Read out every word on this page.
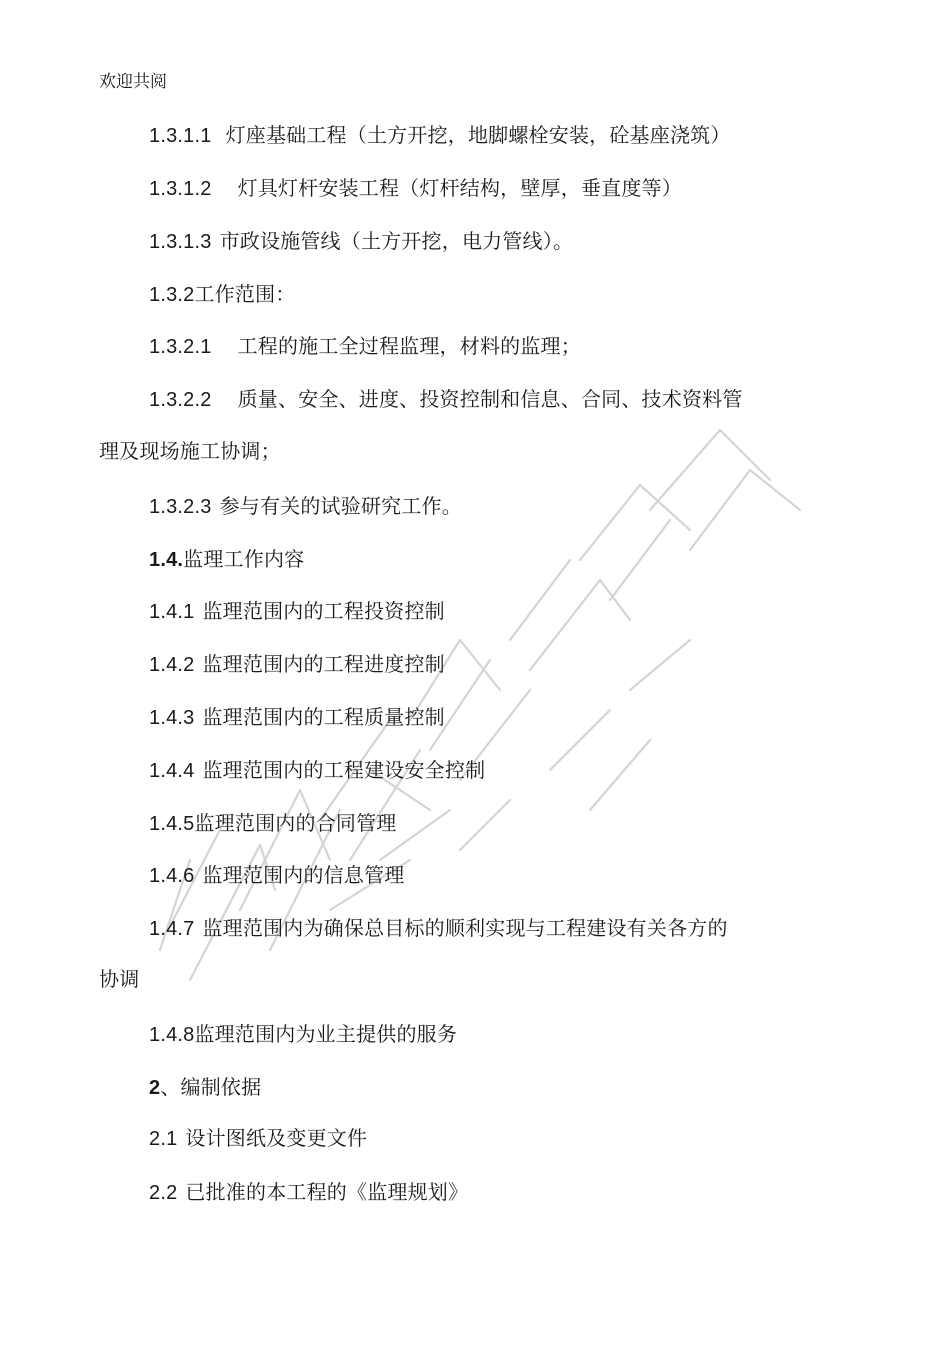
欢迎共阅
1.3.1.1 灯座基础工程（土方开挖，地脚螺栓安装，砼基座浇筑）
1.3.1.2 灯具灯杆安装工程（灯杆结构，壁厚，垂直度等）
1.3.1.3 市政设施管线（土方开挖，电力管线）。
1.3.2工作范围：
1.3.2.1 工程的施工全过程监理，材料的监理；
1.3.2.2 质量、安全、进度、投资控制和信息、合同、技术资料管
理及现场施工协调；
1.3.2.3 参与有关的试验研究工作。
1.4.监理工作内容
1.4.1 监理范围内的工程投资控制
1.4.2 监理范围内的工程进度控制
1.4.3 监理范围内的工程质量控制
1.4.4 监理范围内的工程建设安全控制
1.4.5监理范围内的合同管理
1.4.6 监理范围内的信息管理
1.4.7 监理范围内为确保总目标的顺利实现与工程建设有关各方的
协调
1.4.8监理范围内为业主提供的服务
2、编制依据
2.1 设计图纸及变更文件
2.2 已批准的本工程的《监理规划》
